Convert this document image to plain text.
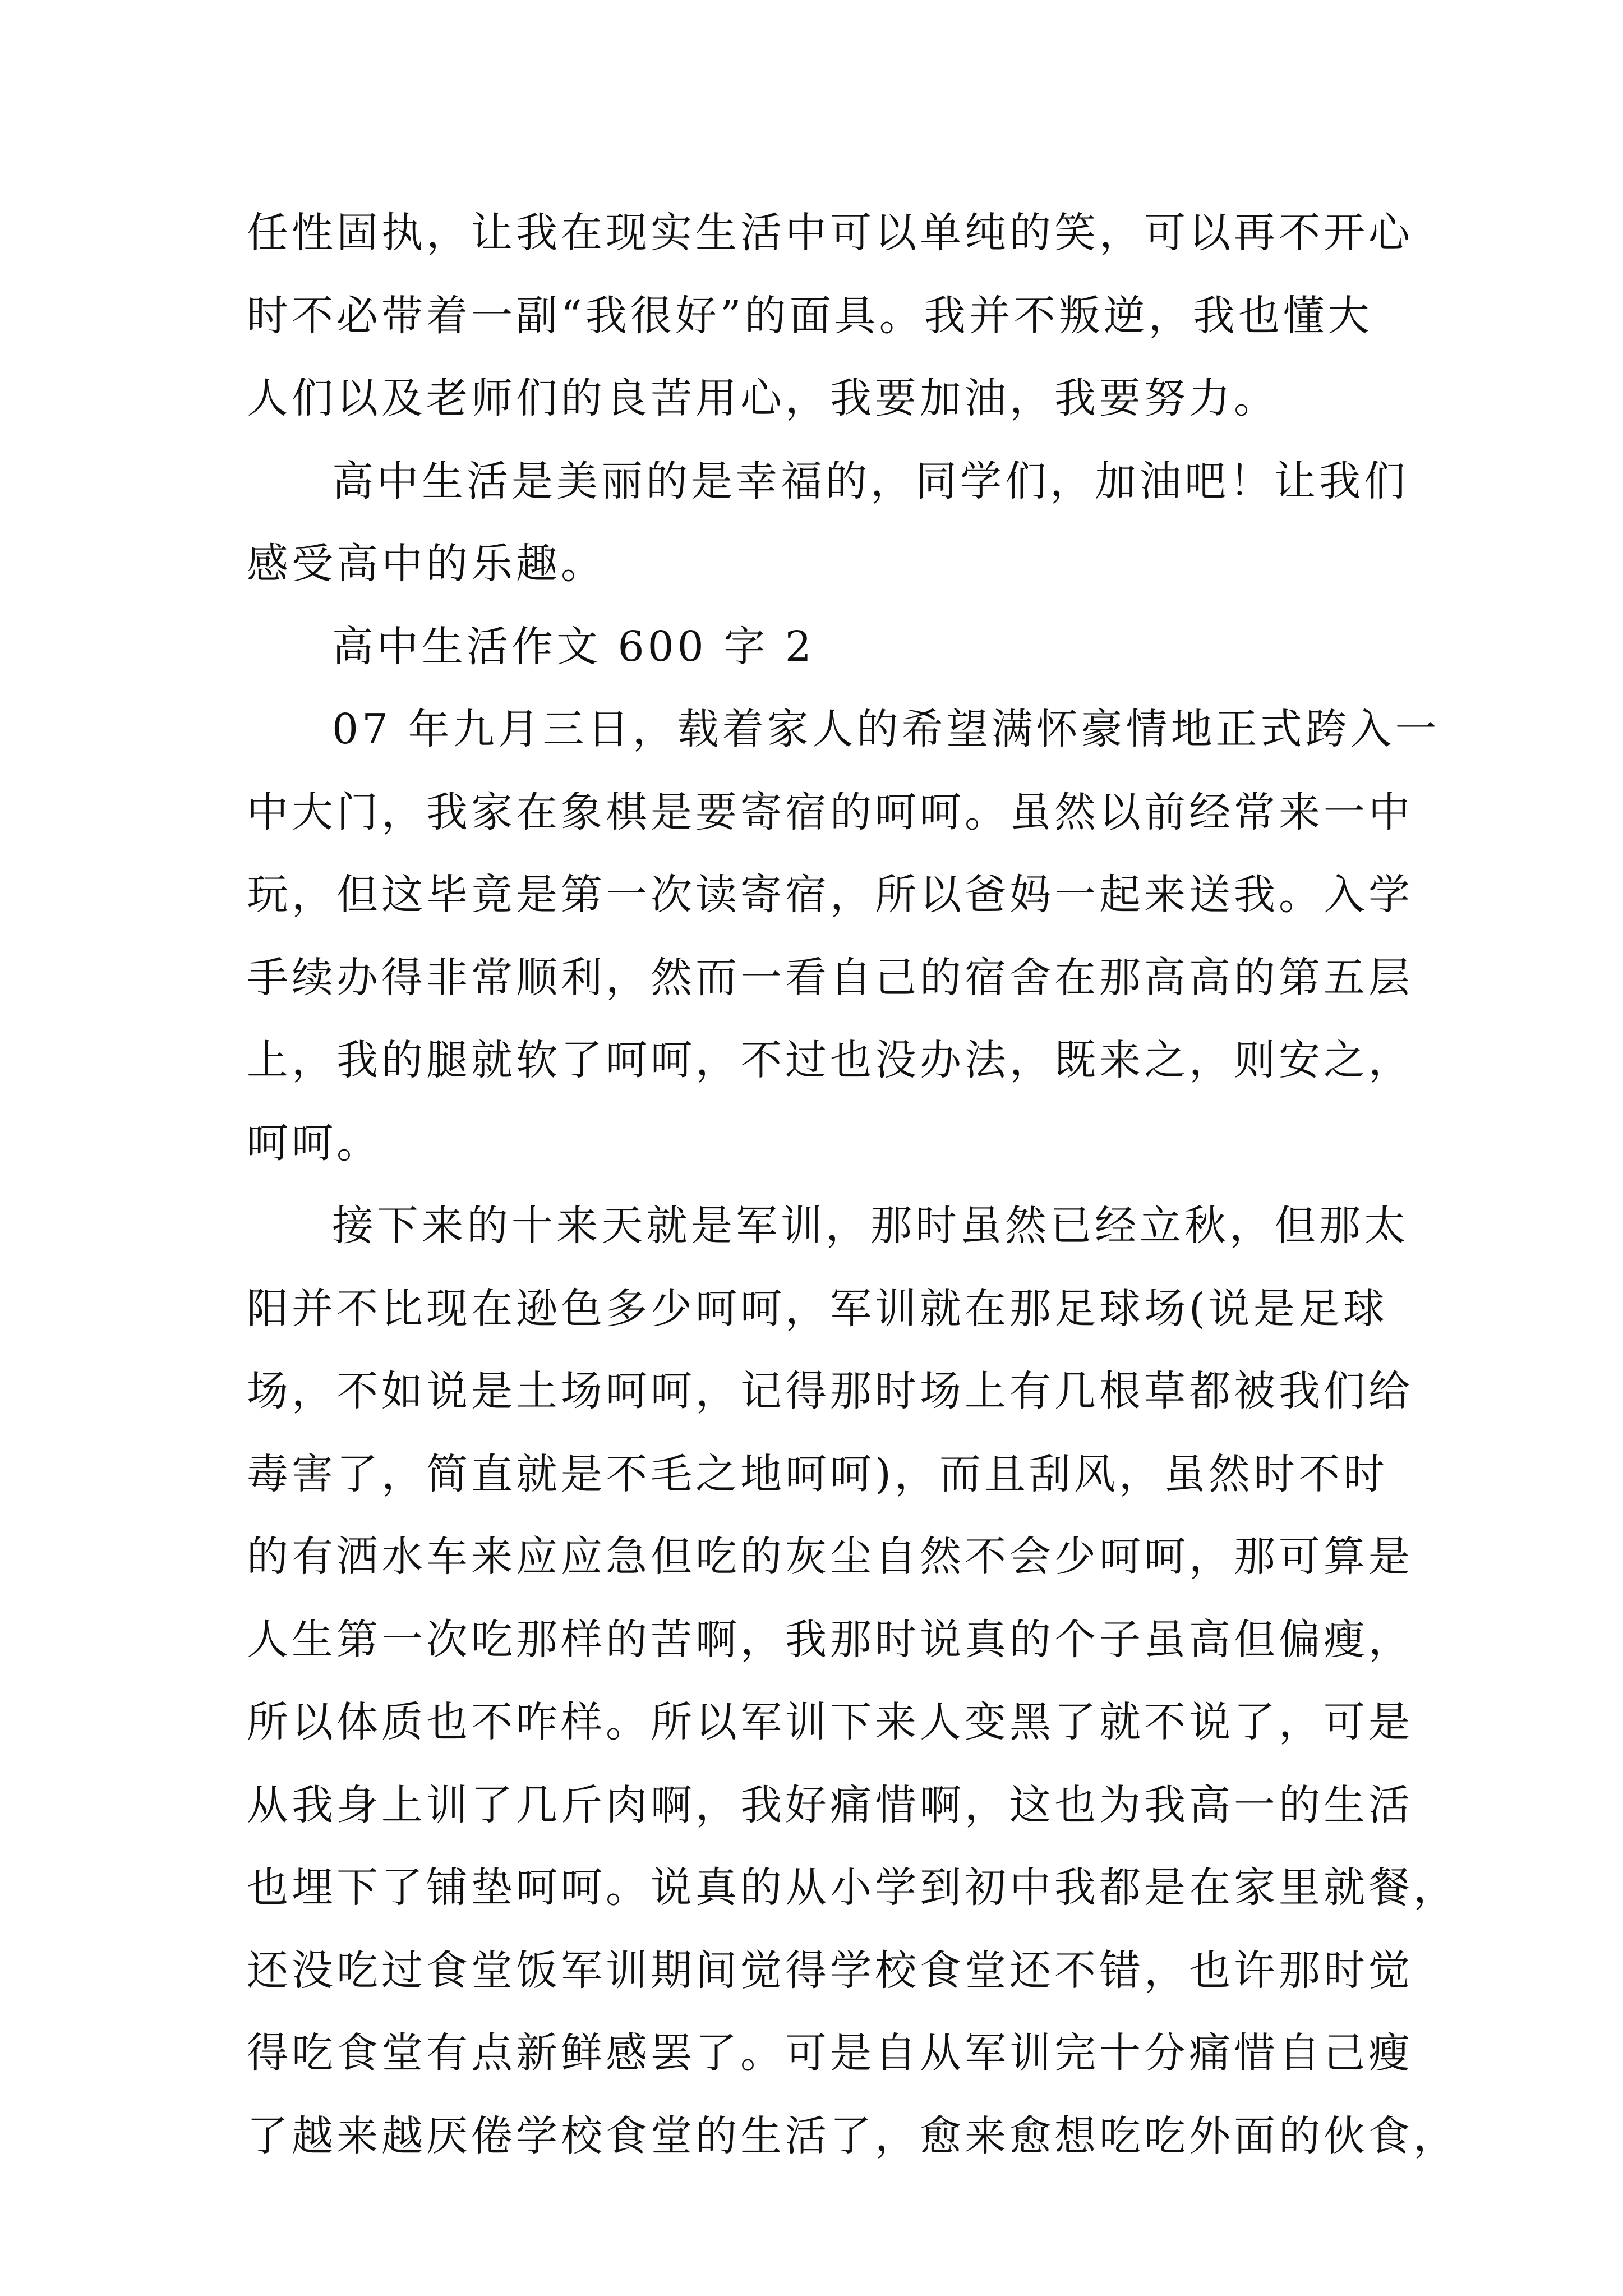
任性固执，让我在现实生活中可以单纯的笑，可以再不开心
时不必带着一副“我很好”的面具。我并不叛逆，我也懂大
人们以及老师们的良苦用心，我要加油，我要努力。
高中生活是美丽的是幸福的，同学们，加油吧！让我们
感受高中的乐趣。
高中生活作文 600 字 2
07 年九月三日，载着家人的希望满怀豪情地正式跨入一
中大门，我家在象棋是要寄宿的呵呵。虽然以前经常来一中
玩，但这毕竟是第一次读寄宿，所以爸妈一起来送我。入学
手续办得非常顺利，然而一看自己的宿舍在那高高的第五层
上，我的腿就软了呵呵，不过也没办法，既来之，则安之，
呵呵。
接下来的十来天就是军训，那时虽然已经立秋，但那太
阳并不比现在逊色多少呵呵，军训就在那足球场(说是足球
场，不如说是土场呵呵，记得那时场上有几根草都被我们给
毒害了，简直就是不毛之地呵呵)，而且刮风，虽然时不时
的有洒水车来应应急但吃的灰尘自然不会少呵呵，那可算是
人生第一次吃那样的苦啊，我那时说真的个子虽高但偏瘦，
所以体质也不咋样。所以军训下来人变黑了就不说了，可是
从我身上训了几斤肉啊，我好痛惜啊，这也为我高一的生活
也埋下了铺垫呵呵。说真的从小学到初中我都是在家里就餐，
还没吃过食堂饭军训期间觉得学校食堂还不错，也许那时觉
得吃食堂有点新鲜感罢了。可是自从军训完十分痛惜自己瘦
了越来越厌倦学校食堂的生活了，愈来愈想吃吃外面的伙食，
